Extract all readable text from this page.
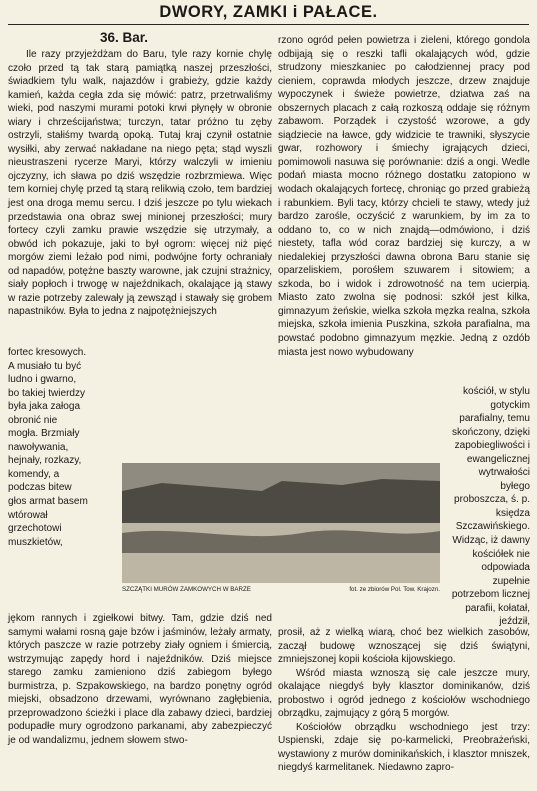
DWORY, ZAMKI i PAŁACE.
36. Bar.

Ile razy przyjeżdżam do Baru, tyle razy kornie chylę czoło przed tą tak starą pamiątką naszej przeszłości, świadkiem tylu walk, najazdów i grabieży, gdzie każdy kamień, każda cegła zda się mówić: patrz, przetrwaliśmy wieki, pod naszymi murami potoki krwi płynęły w obronie wiary i chrześcijaństwa; turczyn, tatar próżno tu zęby ostrzyli, stałiśmy twardą opoką. Tutaj kraj czynił ostatnie wysiłki, aby zerwać nakładane na niego pęta; stąd wyszli nieustraszeni rycerze Maryi, którzy walczyli w imieniu ojczyzny, ich sława po dziś wszędzie rozbrzmiewa. Więc tem korniej chylę przed tą starą relikwią czoło, tem bardziej jest ona droga memu sercu. I dziś jeszcze po tylu wiekach przedstawia ona obraz swej minionej przeszłości; mury fortecy czyli zamku prawie wszędzie się utrzymały, a obwód ich pokazuje, jaki to był ogrom: więcej niż pięć morgów ziemi leżało pod nimi, podwójne forty ochraniały od napadów, potężne baszty warowne, jak czujni strażnicy, siały popłoch i trwogę w najeźdnikach, okalające ją stawy w razie potrzeby zalewały ją zewsząd i stawały się grobem napastników. Była to jedna z najpotężniejszych

fortec kresowych. A musiało tu być ludno i gwarno, bo takiej twierdzy była jaka załoga obronić nie mogła. Brzmiały nawoływania, hejnały, rozkazy, komendy, a podczas bitew głos armat basem wtórował grzechotowi muszkietów,
SZCZĄTKI MURÓW ZAMKOWYCH W BARZE	fot. ze zbiorów Pol. Tow. Krajozn.

jękom rannych i zgiełkowi bitwy. Tam, gdzie dziś ned samymi wałami rosną gaje bzów i jaśminów, leżały armaty, których paszcze w razie potrzeby ziały ogniem i śmiercią, wstrzymując zapędy hord i najeźdników. Dziś miejsce starego zamku zamieniono dziś zabiegom byłego burmistrza, p. Szpakowskiego, na bardzo ponętny ogród miejski, obsadzono drzewami, wyrównano zagłębienia, przeprowadzono ścieżki i place dla zabawy dzieci, bardziej podupadłe mury ogrodzono parkanami, aby zabezpieczyć je od wandalizmu, jednem słowem stwo-

rzono ogród pełen powietrza i zieleni, którego gondola odbijają się o reszki tafli okalających wód, gdzie strudzony mieszkaniec po całodziennej pracy pod cieniem, coprawda młodych jeszcze, drzew znajduje wypoczynek i świeże powietrze, dziatwa zaś na obszernych placach z całą rozkoszą oddaje się różnym zabawom. Porządek i czystość wzorowe, a gdy siądziecie na ławce, gdy widzicie te trawniki, słyszycie gwar, rozhowory i śmiechy igrających dzieci, pomimowoli nasuwa się porównanie: dziś a ongi. Wedle podań miasta mocno różnego dostatku zatopiono w wodach okalających fortecę, chroniąc go przed grabieżą i rabunkiem. Byli tacy, którzy chcieli te stawy, wtedy już bardzo zarośle, oczyścić z warunkiem, by im za to oddano to, co w nich znajdą—odmówiono, i dziś niestety, tafla wód coraz bardziej się kurczy, a w niedalekiej przyszłości dawna obrona Baru stanie się oparzeliskiem, porośłem szuwarem i sitowiem; a szkoda, bo i widok i zdrowotność na tem ucierpią. Miasto zato zwolna się podnosi: szkół jest kilka, gimnazyum żeńskie, wielka szkoła męzka realna, szkoła miejska, szkoła imienia Puszkina, szkoła parafialna, ma powstać podobno gimnazyum męzkie. Jedną z ozdób miasta jest nowo wybudowany

kościół, w stylu gotyckim parafialny, temu skończony, dzięki zapobiegliwości i ewangelicznej wytrwałości byłego proboszcza, ś. p. księdza Szczawińskiego. Widząc, iż dawny kościółek nie odpowiada zupełnie potrzebom licznej parafii, kołatał, jeździł,

prosił, aż z wielką wiarą, choć bez wielkich zasobów, zaczął budowę wznoszącej się dziś świątyni, zmniejszonej kopii kościoła kijowskiego.

Wśród miasta wznoszą się cale jeszcze mury, okalające niegdyś były klasztor dominikanów, dziś probostwo i ogród jednego z kościołów wschodniego obrządku, zajmujący z górą 5 morgów.

Kościołów obrządku wschodniego jest trzy: Uspienski, zdaje się po-karmelicki, Preobrażeński, wystawiony z murów dominikańskich, i klasztor mniszek, niegdyś karmelitanek. Niedawno zapro-
